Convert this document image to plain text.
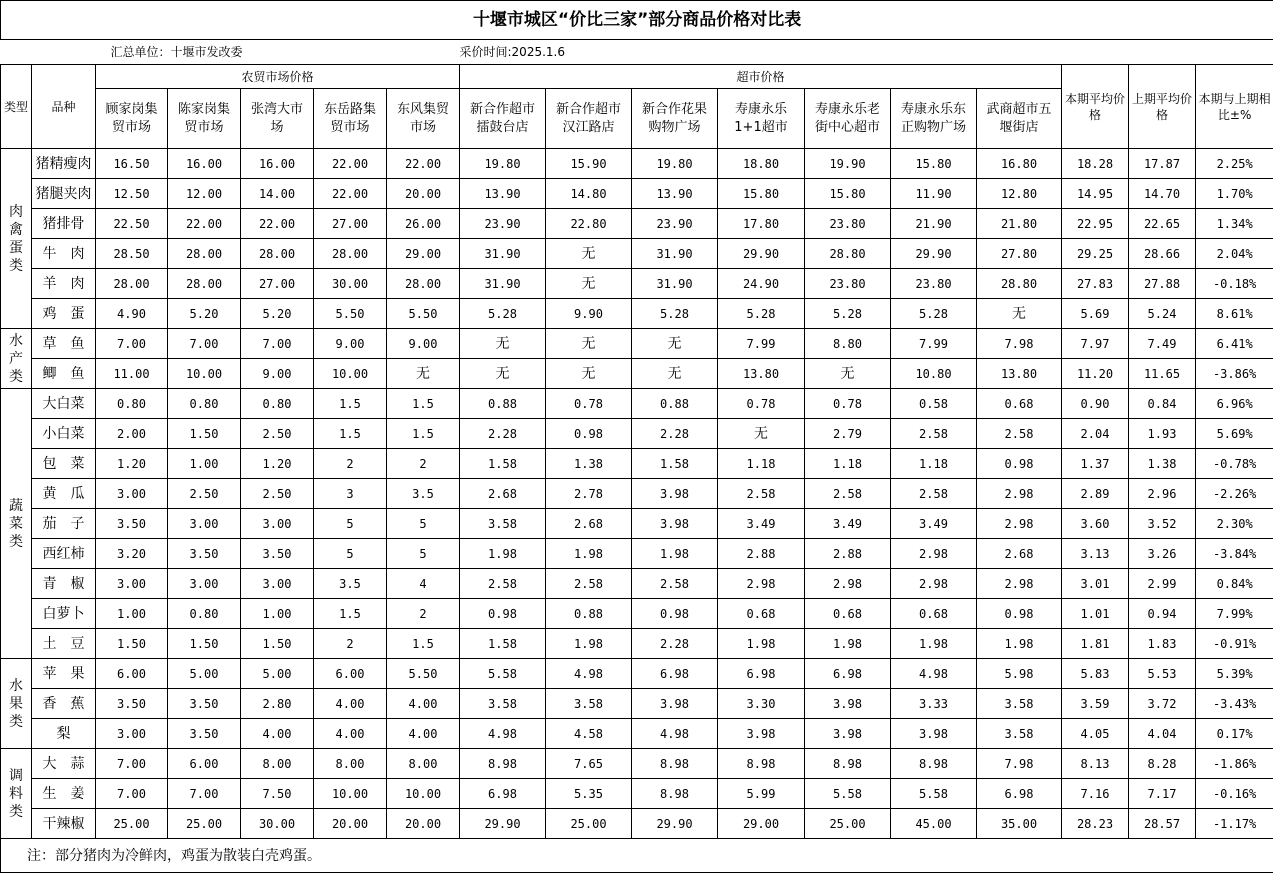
十堰市城区“价比三家”部分商品价格对比表																
汇总单位：十堰市发改委							采价时间:2025.1.6									
类型	品种	农贸市场价格					超市价格							本期平均价格	上期平均价格	本期与上期相比±%
		顾家岗集贸市场	陈家岗集贸市场	张湾大市场	东岳路集贸市场	东风集贸市场	新合作超市擂鼓台店	新合作超市汉江路店	新合作花果购物广场	寿康永乐1+1超市	寿康永乐老街中心超市	寿康永乐东正购物广场	武商超市五堰街店			
肉禽蛋类	猪精瘦肉	16.50	16.00	16.00	22.00	22.00	19.80	15.90	19.80	18.80	19.90	15.80	16.80	18.28	17.87	2.25%
	猪腿夹肉	12.50	12.00	14.00	22.00	20.00	13.90	14.80	13.90	15.80	15.80	11.90	12.80	14.95	14.70	1.70%
	猪排骨	22.50	22.00	22.00	27.00	26.00	23.90	22.80	23.90	17.80	23.80	21.90	21.80	22.95	22.65	1.34%
	牛　肉	28.50	28.00	28.00	28.00	29.00	31.90	无	31.90	29.90	28.80	29.90	27.80	29.25	28.66	2.04%
	羊　肉	28.00	28.00	27.00	30.00	28.00	31.90	无	31.90	24.90	23.80	23.80	28.80	27.83	27.88	-0.18%
	鸡　蛋	4.90	5.20	5.20	5.50	5.50	5.28	9.90	5.28	5.28	5.28	5.28	无	5.69	5.24	8.61%
水产类	草　鱼	7.00	7.00	7.00	9.00	9.00	无	无	无	7.99	8.80	7.99	7.98	7.97	7.49	6.41%
	鲫　鱼	11.00	10.00	9.00	10.00	无	无	无	无	13.80	无	10.80	13.80	11.20	11.65	-3.86%
蔬菜类	大白菜	0.80	0.80	0.80	1.5	1.5	0.88	0.78	0.88	0.78	0.78	0.58	0.68	0.90	0.84	6.96%
	小白菜	2.00	1.50	2.50	1.5	1.5	2.28	0.98	2.28	无	2.79	2.58	2.58	2.04	1.93	5.69%
	包　菜	1.20	1.00	1.20	2	2	1.58	1.38	1.58	1.18	1.18	1.18	0.98	1.37	1.38	-0.78%
	黄　瓜	3.00	2.50	2.50	3	3.5	2.68	2.78	3.98	2.58	2.58	2.58	2.98	2.89	2.96	-2.26%
	茄　子	3.50	3.00	3.00	5	5	3.58	2.68	3.98	3.49	3.49	3.49	2.98	3.60	3.52	2.30%
	西红柿	3.20	3.50	3.50	5	5	1.98	1.98	1.98	2.88	2.88	2.98	2.68	3.13	3.26	-3.84%
	青　椒	3.00	3.00	3.00	3.5	4	2.58	2.58	2.58	2.98	2.98	2.98	2.98	3.01	2.99	0.84%
	白萝卜	1.00	0.80	1.00	1.5	2	0.98	0.88	0.98	0.68	0.68	0.68	0.98	1.01	0.94	7.99%
	土　豆	1.50	1.50	1.50	2	1.5	1.58	1.98	2.28	1.98	1.98	1.98	1.98	1.81	1.83	-0.91%
水果类	苹　果	6.00	5.00	5.00	6.00	5.50	5.58	4.98	6.98	6.98	6.98	4.98	5.98	5.83	5.53	5.39%
	香　蕉	3.50	3.50	2.80	4.00	4.00	3.58	3.58	3.98	3.30	3.98	3.33	3.58	3.59	3.72	-3.43%
	梨	3.00	3.50	4.00	4.00	4.00	4.98	4.58	4.98	3.98	3.98	3.98	3.58	4.05	4.04	0.17%
调料类	大　蒜	7.00	6.00	8.00	8.00	8.00	8.98	7.65	8.98	8.98	8.98	8.98	7.98	8.13	8.28	-1.86%
	生　姜	7.00	7.00	7.50	10.00	10.00	6.98	5.35	8.98	5.99	5.58	5.58	6.98	7.16	7.17	-0.16%
	干辣椒	25.00	25.00	30.00	20.00	20.00	29.90	25.00	29.90	29.00	25.00	45.00	35.00	28.23	28.57	-1.17%
注：部分猪肉为冷鲜肉，鸡蛋为散装白壳鸡蛋。																
